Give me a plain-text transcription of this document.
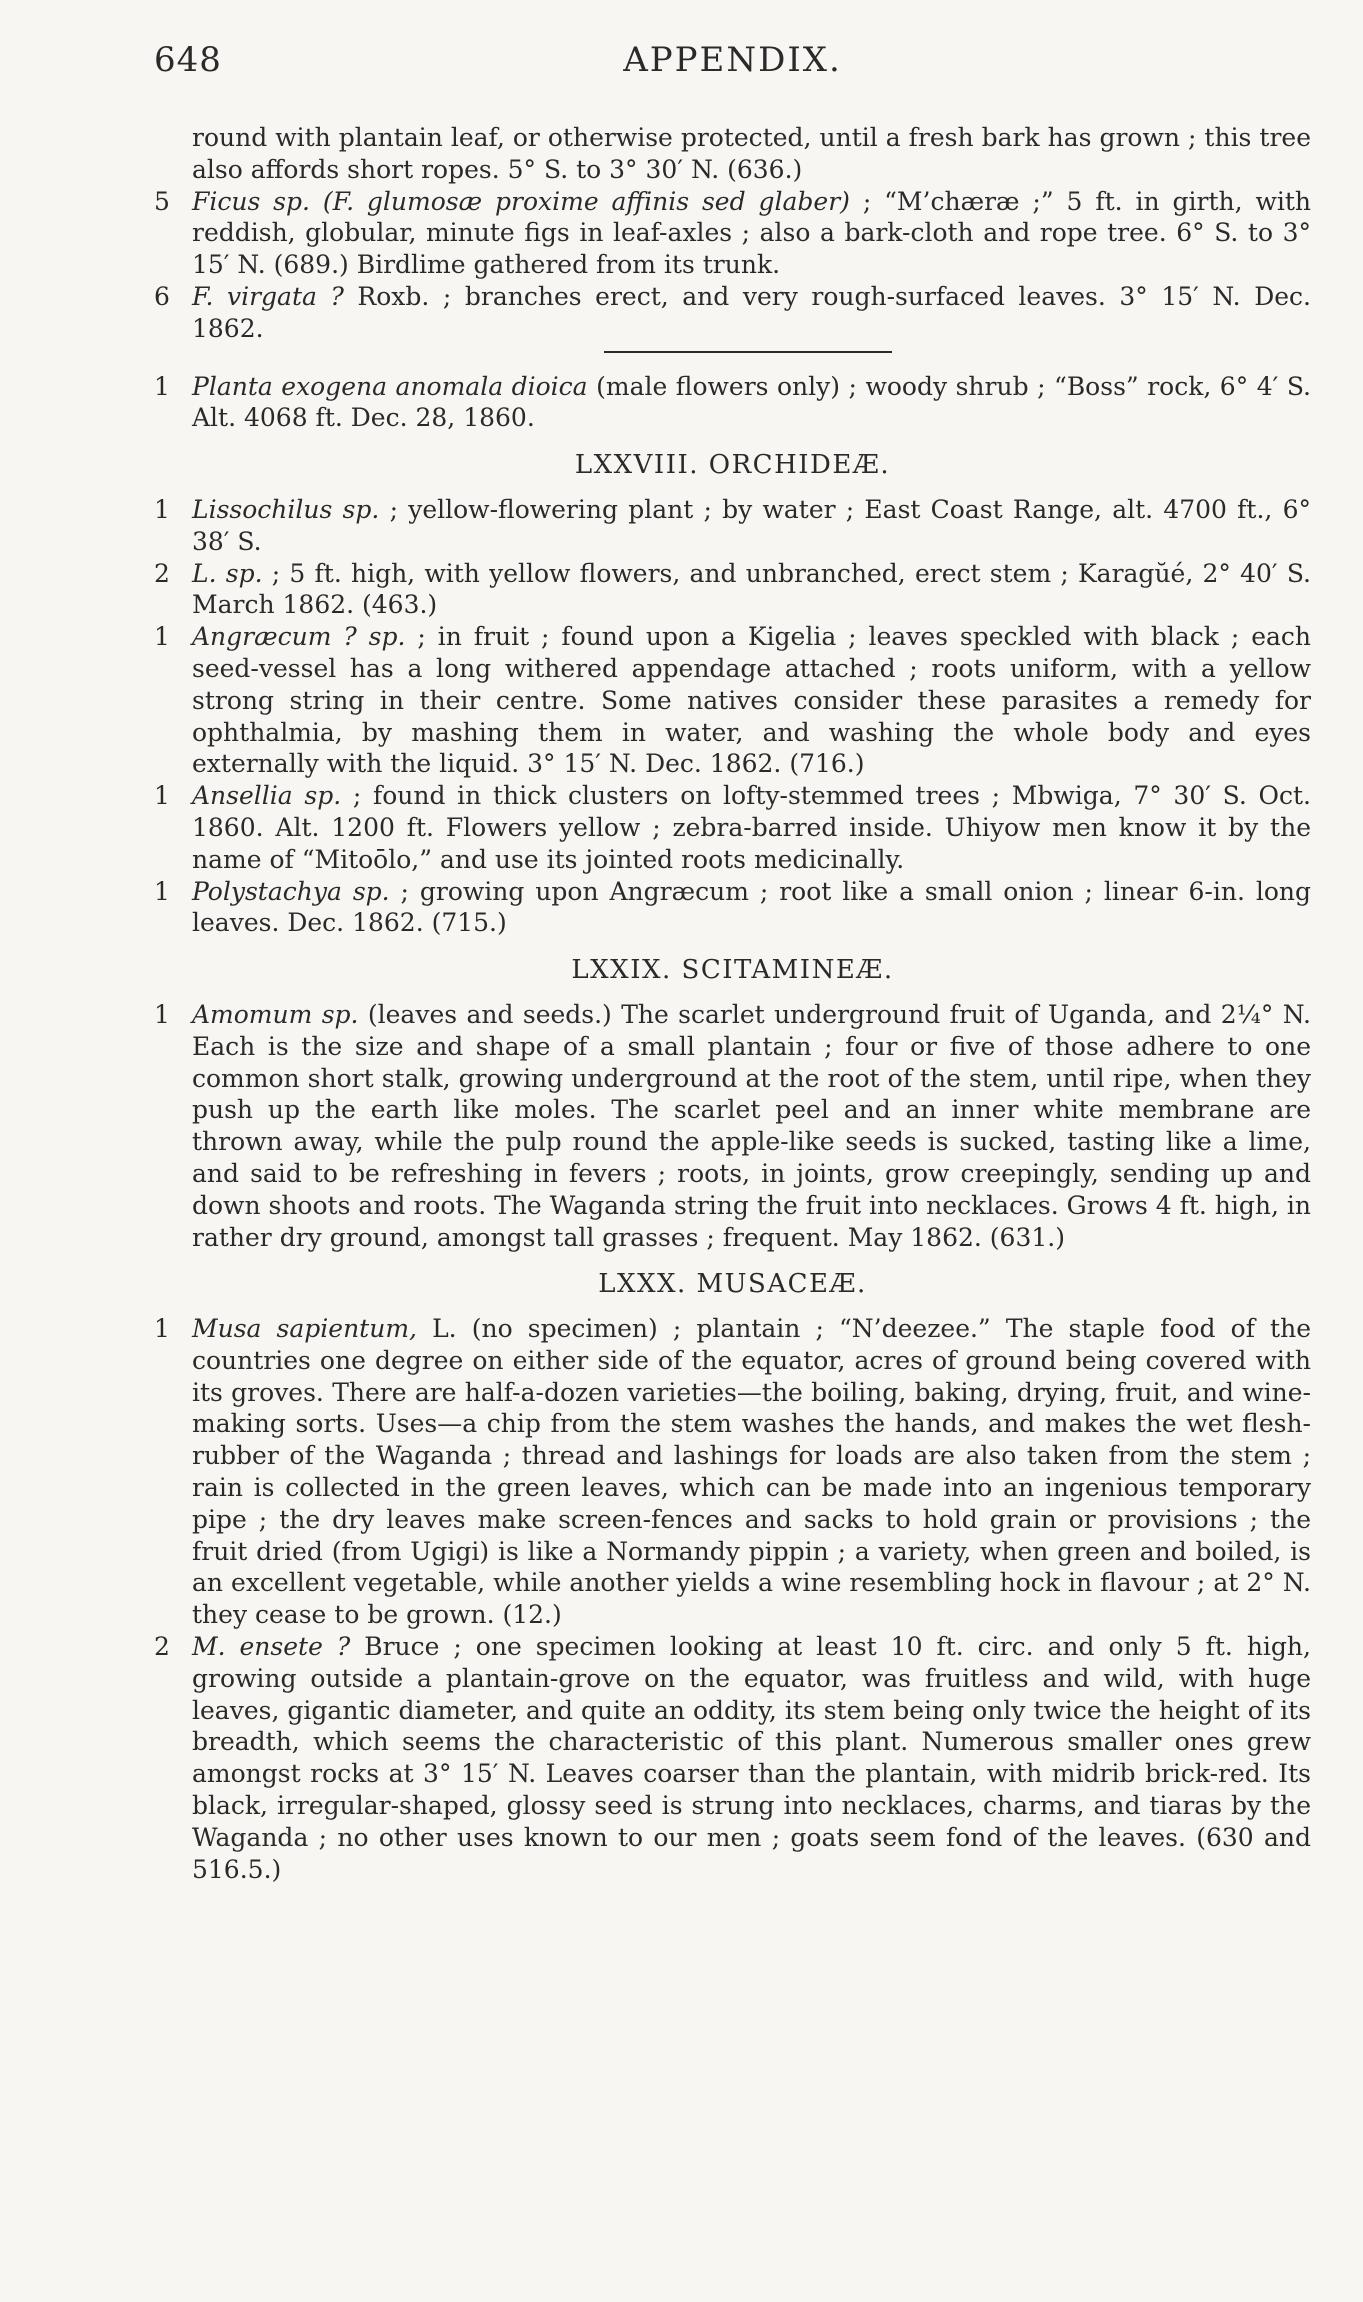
648	APPENDIX.

round with plantain leaf, or otherwise protected, until a fresh bark has grown ; this tree also affords short ropes. 5° S. to 3° 30′ N. (636.)

5 Ficus sp. (F. glumosæ proxime affinis sed glaber) ; “M’chæræ ;” 5 ft. in girth, with reddish, globular, minute figs in leaf-axles ; also a bark-cloth and rope tree. 6° S. to 3° 15′ N. (689.) Birdlime gathered from its trunk.

6 F. virgata ? Roxb. ; branches erect, and very rough-surfaced leaves. 3° 15′ N. Dec. 1862.

1 Planta exogena anomala dioica (male flowers only) ; woody shrub ; “Boss” rock, 6° 4′ S. Alt. 4068 ft. Dec. 28, 1860.

LXXVIII. ORCHIDEÆ.

1 Lissochilus sp. ; yellow-flowering plant ; by water ; East Coast Range, alt. 4700 ft., 6° 38′ S.

2 L. sp. ; 5 ft. high, with yellow flowers, and unbranched, erect stem ; Karagŭé, 2° 40′ S. March 1862. (463.)

1 Angræcum ? sp. ; in fruit ; found upon a Kigelia ; leaves speckled with black ; each seed-vessel has a long withered appendage attached ; roots uniform, with a yellow strong string in their centre. Some natives consider these parasites a remedy for ophthalmia, by mashing them in water, and washing the whole body and eyes externally with the liquid. 3° 15′ N. Dec. 1862. (716.)

1 Ansellia sp. ; found in thick clusters on lofty-stemmed trees ; Mbwiga, 7° 30′ S. Oct. 1860. Alt. 1200 ft. Flowers yellow ; zebra-barred inside. Uhiyow men know it by the name of “Mitoōlo,” and use its jointed roots medicinally.

1 Polystachya sp. ; growing upon Angræcum ; root like a small onion ; linear 6-in. long leaves. Dec. 1862. (715.)

LXXIX. SCITAMINEÆ.

1 Amomum sp. (leaves and seeds.) The scarlet underground fruit of Uganda, and 2¼° N. Each is the size and shape of a small plantain ; four or five of those adhere to one common short stalk, growing underground at the root of the stem, until ripe, when they push up the earth like moles. The scarlet peel and an inner white membrane are thrown away, while the pulp round the apple-like seeds is sucked, tasting like a lime, and said to be refreshing in fevers ; roots, in joints, grow creepingly, sending up and down shoots and roots. The Waganda string the fruit into necklaces. Grows 4 ft. high, in rather dry ground, amongst tall grasses ; frequent. May 1862. (631.)

LXXX. MUSACEÆ.

1 Musa sapientum, L. (no specimen) ; plantain ; “N’deezee.” The staple food of the countries one degree on either side of the equator, acres of ground being covered with its groves. There are half-a-dozen varieties—the boiling, baking, drying, fruit, and wine-making sorts. Uses—a chip from the stem washes the hands, and makes the wet flesh-rubber of the Waganda ; thread and lashings for loads are also taken from the stem ; rain is collected in the green leaves, which can be made into an ingenious temporary pipe ; the dry leaves make screen-fences and sacks to hold grain or provisions ; the fruit dried (from Ugigi) is like a Normandy pippin ; a variety, when green and boiled, is an excellent vegetable, while another yields a wine resembling hock in flavour ; at 2° N. they cease to be grown. (12.)

2 M. ensete ? Bruce ; one specimen looking at least 10 ft. circ. and only 5 ft. high, growing outside a plantain-grove on the equator, was fruitless and wild, with huge leaves, gigantic diameter, and quite an oddity, its stem being only twice the height of its breadth, which seems the characteristic of this plant. Numerous smaller ones grew amongst rocks at 3° 15′ N. Leaves coarser than the plantain, with midrib brick-red. Its black, irregular-shaped, glossy seed is strung into necklaces, charms, and tiaras by the Waganda ; no other uses known to our men ; goats seem fond of the leaves. (630 and 516.5.)
